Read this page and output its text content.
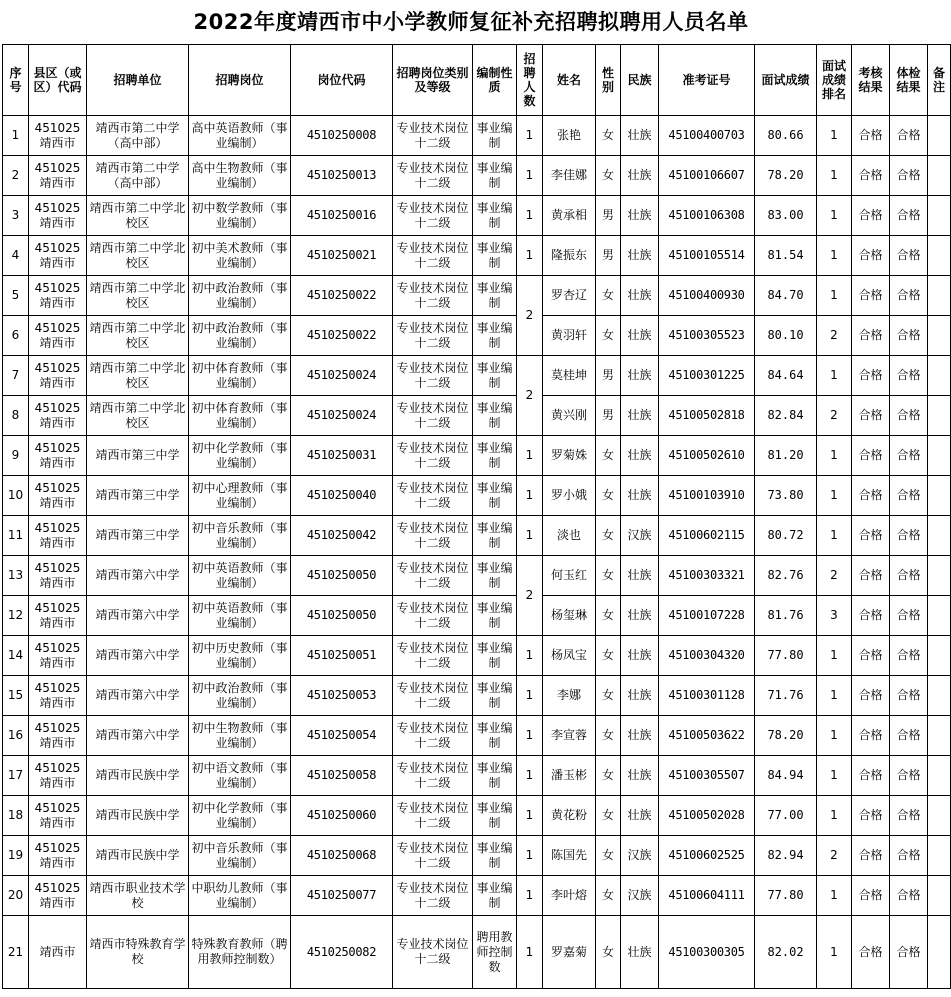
2022年度靖西市中小学教师复征补充招聘拟聘用人员名单
序号	县区（或区）代码	招聘单位	招聘岗位	岗位代码	招聘岗位类别及等级	编制性质	招聘人数	姓名	性别	民族	准考证号	面试成绩	面试成绩排名	考核结果	体检结果	备注
1	451025 靖西市	靖西市第二中学（高中部）	高中英语教师（事业编制）	4510250008	专业技术岗位十二级	事业编制	1	张艳	女	壮族	45100400703	80.66	1	合格	合格	
2	451025 靖西市	靖西市第二中学（高中部）	高中生物教师（事业编制）	4510250013	专业技术岗位十二级	事业编制	1	李佳娜	女	壮族	45100106607	78.20	1	合格	合格	
3	451025 靖西市	靖西市第二中学北校区	初中数学教师（事业编制）	4510250016	专业技术岗位十二级	事业编制	1	黄承相	男	壮族	45100106308	83.00	1	合格	合格	
4	451025 靖西市	靖西市第二中学北校区	初中美术教师（事业编制）	4510250021	专业技术岗位十二级	事业编制	1	隆振东	男	壮族	45100105514	81.54	1	合格	合格	
5	451025 靖西市	靖西市第二中学北校区	初中政治教师（事业编制）	4510250022	专业技术岗位十二级	事业编制	2	罗杏辽	女	壮族	45100400930	84.70	1	合格	合格	
6	451025 靖西市	靖西市第二中学北校区	初中政治教师（事业编制）	4510250022	专业技术岗位十二级	事业编制		黄羽轩	女	壮族	45100305523	80.10	2	合格	合格	
7	451025 靖西市	靖西市第二中学北校区	初中体育教师（事业编制）	4510250024	专业技术岗位十二级	事业编制	2	莫桂坤	男	壮族	45100301225	84.64	1	合格	合格	
8	451025 靖西市	靖西市第二中学北校区	初中体育教师（事业编制）	4510250024	专业技术岗位十二级	事业编制		黄兴刚	男	壮族	45100502818	82.84	2	合格	合格	
9	451025 靖西市	靖西市第三中学	初中化学教师（事业编制）	4510250031	专业技术岗位十二级	事业编制	1	罗菊姝	女	壮族	45100502610	81.20	1	合格	合格	
10	451025 靖西市	靖西市第三中学	初中心理教师（事业编制）	4510250040	专业技术岗位十二级	事业编制	1	罗小娥	女	壮族	45100103910	73.80	1	合格	合格	
11	451025 靖西市	靖西市第三中学	初中音乐教师（事业编制）	4510250042	专业技术岗位十二级	事业编制	1	淡也	女	汉族	45100602115	80.72	1	合格	合格	
13	451025 靖西市	靖西市第六中学	初中英语教师（事业编制）	4510250050	专业技术岗位十二级	事业编制	2	何玉红	女	壮族	45100303321	82.76	2	合格	合格	
12	451025 靖西市	靖西市第六中学	初中英语教师（事业编制）	4510250050	专业技术岗位十二级	事业编制		杨玺琳	女	壮族	45100107228	81.76	3	合格	合格	
14	451025 靖西市	靖西市第六中学	初中历史教师（事业编制）	4510250051	专业技术岗位十二级	事业编制	1	杨凤宝	女	壮族	45100304320	77.80	1	合格	合格	
15	451025 靖西市	靖西市第六中学	初中政治教师（事业编制）	4510250053	专业技术岗位十二级	事业编制	1	李娜	女	壮族	45100301128	71.76	1	合格	合格	
16	451025 靖西市	靖西市第六中学	初中生物教师（事业编制）	4510250054	专业技术岗位十二级	事业编制	1	李宣蓉	女	壮族	45100503622	78.20	1	合格	合格	
17	451025 靖西市	靖西市民族中学	初中语文教师（事业编制）	4510250058	专业技术岗位十二级	事业编制	1	潘玉彬	女	壮族	45100305507	84.94	1	合格	合格	
18	451025 靖西市	靖西市民族中学	初中化学教师（事业编制）	4510250060	专业技术岗位十二级	事业编制	1	黄花粉	女	壮族	45100502028	77.00	1	合格	合格	
19	451025 靖西市	靖西市民族中学	初中音乐教师（事业编制）	4510250068	专业技术岗位十二级	事业编制	1	陈国先	女	汉族	45100602525	82.94	2	合格	合格	
20	451025 靖西市	靖西市职业技术学校	中职幼儿教师（事业编制）	4510250077	专业技术岗位十二级	事业编制	1	李叶熔	女	汉族	45100604111	77.80	1	合格	合格	
21	靖西市	靖西市特殊教育学校	特殊教育教师（聘用教师控制数）	4510250082	专业技术岗位十二级	聘用教师控制数	1	罗嘉菊	女	壮族	45100300305	82.02	1	合格	合格	
